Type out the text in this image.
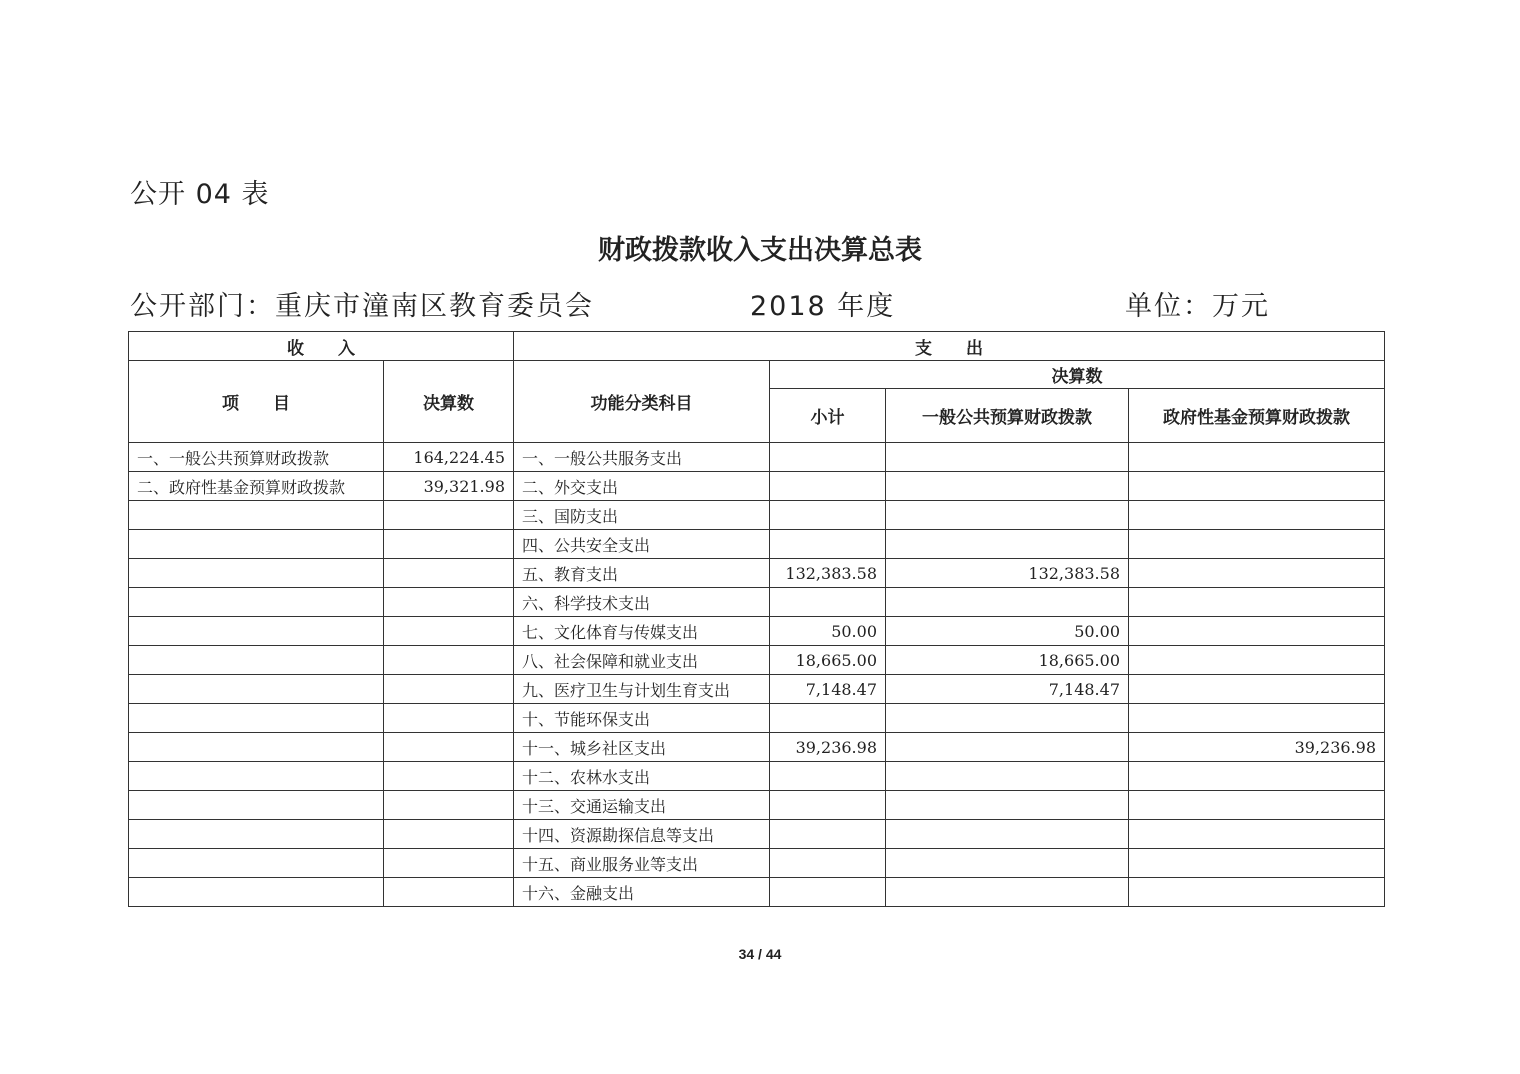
公开 04 表
财政拨款收入支出决算总表
公开部门：重庆市潼南区教育委员会	2018 年度	单位：万元
收　　入		支　　出			
项　　目	决算数	功能分类科目	决算数		
			小计	一般公共预算财政拨款	政府性基金预算财政拨款
一、一般公共预算财政拨款	164,224.45	一、一般公共服务支出			
二、政府性基金预算财政拨款	39,321.98	二、外交支出			
		三、国防支出			
		四、公共安全支出			
		五、教育支出	132,383.58	132,383.58	
		六、科学技术支出			
		七、文化体育与传媒支出	50.00	50.00	
		八、社会保障和就业支出	18,665.00	18,665.00	
		九、医疗卫生与计划生育支出	7,148.47	7,148.47	
		十、节能环保支出			
		十一、城乡社区支出	39,236.98		39,236.98
		十二、农林水支出			
		十三、交通运输支出			
		十四、资源勘探信息等支出			
		十五、商业服务业等支出			
		十六、金融支出			
34 / 44
